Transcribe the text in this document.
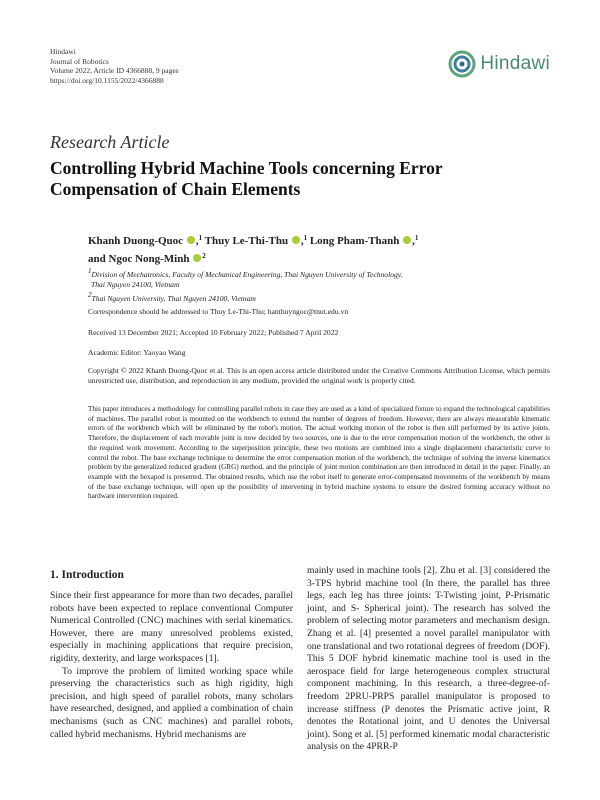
Hindawi
Journal of Robotics
Volume 2022, Article ID 4366888, 9 pages
https://doi.org/10.1155/2022/4366888
Hindawi
Research Article
Controlling Hybrid Machine Tools concerning Error Compensation of Chain Elements
Khanh Duong-Quoc ,$^1$ Thuy Le-Thi-Thu ,$^1$ Long Pham-Thanh ,$^1$
and Ngoc Nong-Minh $^2$
1Division of Mechatronics, Faculty of Mechanical Engineering, Thai Nguyen University of Technology,
Thai Nguyen 24100, Vietnam
2Thai Nguyen University, Thai Nguyen 24100, Vietnam
Correspondence should be addressed to Thuy Le-Thi-Thu; hanthuyngoc@tnut.edu.vn
Received 13 December 2021; Accepted 10 February 2022; Published 7 April 2022
Academic Editor: Yaoyao Wang
Copyright © 2022 Khanh Duong-Quoc et al. This is an open access article distributed under the Creative Commons Attribution License, which permits unrestricted use, distribution, and reproduction in any medium, provided the original work is properly cited.
This paper introduces a methodology for controlling parallel robots in case they are used as a kind of specialized fixture to expand the technological capabilities of machines. The parallel robot is mounted on the workbench to extend the number of degrees of freedom. However, there are always measurable kinematic errors of the workbench which will be eliminated by the robot's motion. The actual working motion of the robot is then still performed by its active joints. Therefore, the displacement of each movable joint is now decided by two sources, one is due to the error compensation motion of the workbench, the other is the required work movement. According to the superposition principle, these two motions are combined into a single displacement characteristic curve to control the robot. The base exchange technique to determine the error compensation motion of the workbench, the technique of solving the inverse kinematics problem by the generalized reduced gradient (GRG) method, and the principle of joint motion combination are then introduced in detail in the paper. Finally, an example with the hexapod is presented. The obtained results, which use the robot itself to generate error-compensated movements of the workbench by means of the base exchange technique, will open up the possibility of intervening in hybrid machine systems to ensure the desired forming accuracy without no hardware intervention required.
1. Introduction

Since their first appearance for more than two decades, parallel robots have been expected to replace conventional Computer Numerical Controlled (CNC) machines with serial kinematics. However, there are many unresolved problems existed, especially in machining applications that require precision, rigidity, dexterity, and large workspaces [1].

To improve the problem of limited working space while preserving the characteristics such as high rigidity, high precision, and high speed of parallel robots, many scholars have researched, designed, and applied a combination of chain mechanisms (such as CNC machines) and parallel robots, called hybrid mechanisms. Hybrid mechanisms are

mainly used in machine tools [2]. Zhu et al. [3] considered the 3-TPS hybrid machine tool (In there, the parallel has three legs, each leg has three joints: T-Twisting joint, P-Prismatic joint, and S- Spherical joint). The research has solved the problem of selecting motor parameters and mechanism design. Zhang et al. [4] presented a novel parallel manipulator with one translational and two rotational degrees of freedom (DOF). This 5 DOF hybrid kinematic machine tool is used in the aerospace field for large heterogeneous complex structural component machining. In this research, a three-degree-of-freedom 2PRU-PRPS parallel manipulator is proposed to increase stiffness (P denotes the Prismatic active joint, R denotes the Rotational joint, and U denotes the Universal joint). Song et al. [5] performed kinematic modal characteristic analysis on the 4PRR-P
